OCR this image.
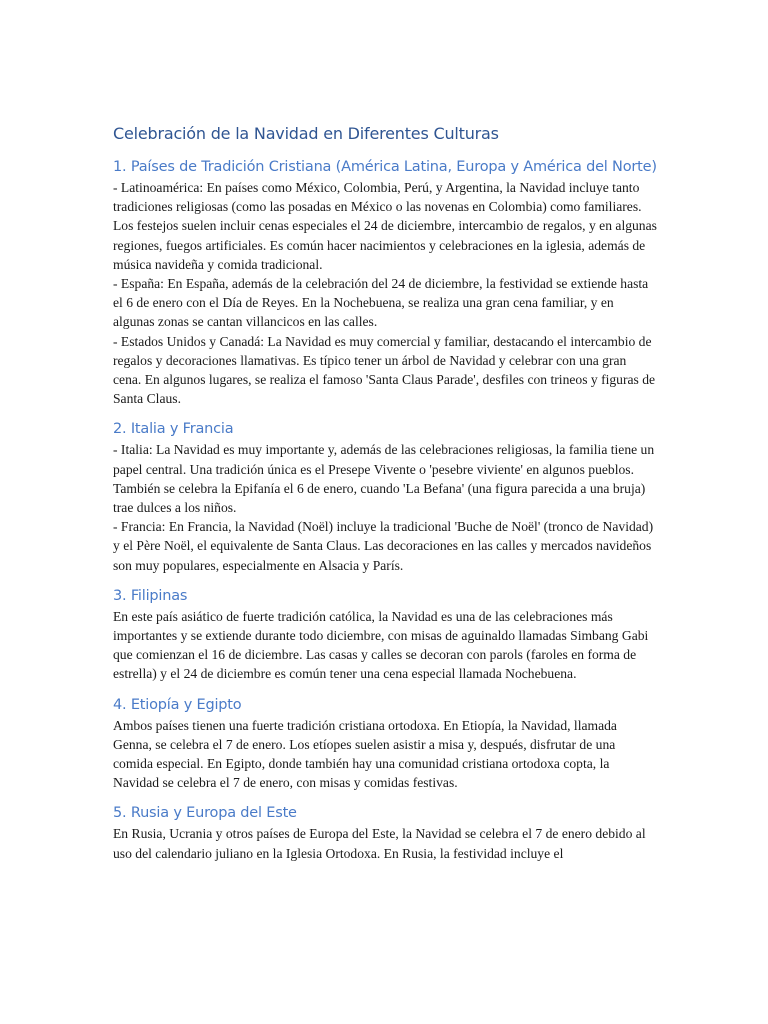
Celebración de la Navidad en Diferentes Culturas
1. Países de Tradición Cristiana (América Latina, Europa y América del Norte)

- Latinoamérica: En países como México, Colombia, Perú, y Argentina, la Navidad incluye tanto tradiciones religiosas (como las posadas en México o las novenas en Colombia) como familiares. Los festejos suelen incluir cenas especiales el 24 de diciembre, intercambio de regalos, y en algunas regiones, fuegos artificiales. Es común hacer nacimientos y celebraciones en la iglesia, además de música navideña y comida tradicional.

- España: En España, además de la celebración del 24 de diciembre, la festividad se extiende hasta el 6 de enero con el Día de Reyes. En la Nochebuena, se realiza una gran cena familiar, y en algunas zonas se cantan villancicos en las calles.

- Estados Unidos y Canadá: La Navidad es muy comercial y familiar, destacando el intercambio de regalos y decoraciones llamativas. Es típico tener un árbol de Navidad y celebrar con una gran cena. En algunos lugares, se realiza el famoso 'Santa Claus Parade', desfiles con trineos y figuras de Santa Claus.

2. Italia y Francia

- Italia: La Navidad es muy importante y, además de las celebraciones religiosas, la familia tiene un papel central. Una tradición única es el Presepe Vivente o 'pesebre viviente' en algunos pueblos. También se celebra la Epifanía el 6 de enero, cuando 'La Befana' (una figura parecida a una bruja) trae dulces a los niños.

- Francia: En Francia, la Navidad (Noël) incluye la tradicional 'Buche de Noël' (tronco de Navidad) y el Père Noël, el equivalente de Santa Claus. Las decoraciones en las calles y mercados navideños son muy populares, especialmente en Alsacia y París.

3. Filipinas

En este país asiático de fuerte tradición católica, la Navidad es una de las celebraciones más importantes y se extiende durante todo diciembre, con misas de aguinaldo llamadas Simbang Gabi que comienzan el 16 de diciembre. Las casas y calles se decoran con parols (faroles en forma de estrella) y el 24 de diciembre es común tener una cena especial llamada Nochebuena.

4. Etiopía y Egipto

Ambos países tienen una fuerte tradición cristiana ortodoxa. En Etiopía, la Navidad, llamada Genna, se celebra el 7 de enero. Los etíopes suelen asistir a misa y, después, disfrutar de una comida especial. En Egipto, donde también hay una comunidad cristiana ortodoxa copta, la Navidad se celebra el 7 de enero, con misas y comidas festivas.

5. Rusia y Europa del Este

En Rusia, Ucrania y otros países de Europa del Este, la Navidad se celebra el 7 de enero debido al uso del calendario juliano en la Iglesia Ortodoxa. En Rusia, la festividad incluye el
